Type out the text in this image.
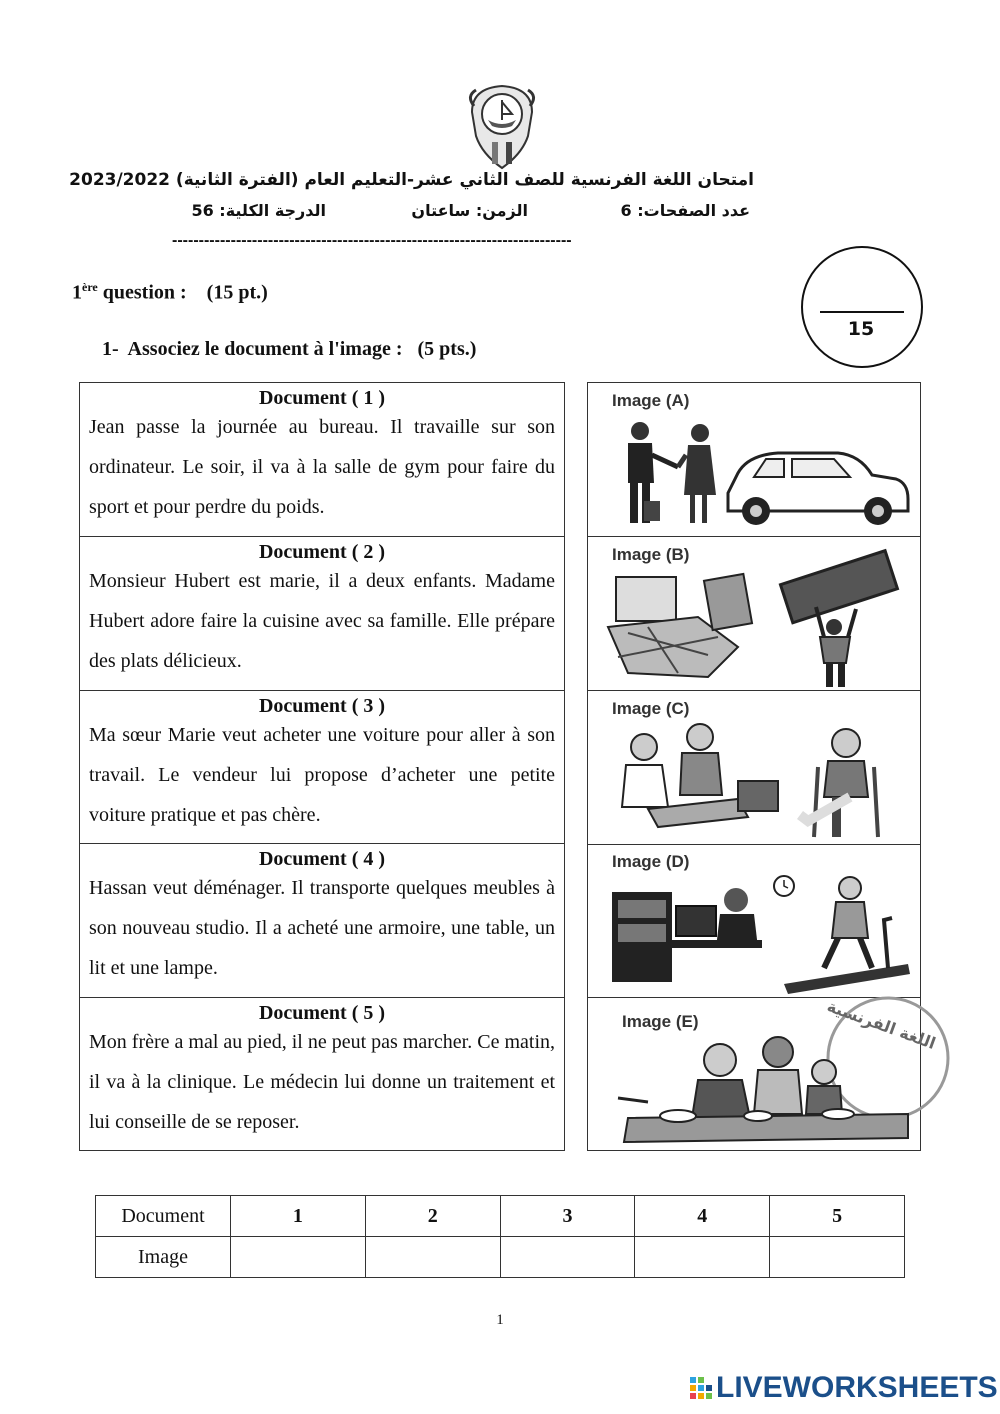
امتحان اللغة الفرنسية للصف الثاني عشر-التعليم العام (الفترة الثانية) 2023/2022
عدد الصفحات: 6
الزمن: ساعتان
الدرجة الكلية: 56
---------------------------------------------------------------------------
1ère question :    (15 pt.)
1-  Associez le document à l'image :   (5 pts.)
15
Document ( 1 )
Jean passe la journée au bureau. Il travaille sur son ordinateur. Le soir, il va à la salle de gym pour faire du sport et pour perdre du poids.
Document ( 2 )
Monsieur Hubert est marie, il a deux enfants. Madame Hubert adore faire la cuisine avec sa famille. Elle prépare des plats délicieux.
Document ( 3 )
Ma sœur Marie veut acheter une voiture pour aller à son travail. Le vendeur lui propose d’acheter une petite voiture pratique et pas chère.
Document ( 4 )
Hassan veut déménager. Il transporte quelques meubles à son nouveau studio. Il a acheté une armoire, une table, un lit et une lampe.
Document ( 5 )
Mon frère a mal au pied, il ne peut pas marcher. Ce matin, il va à la clinique. Le médecin lui donne un traitement et lui conseille de se reposer.
Image (A)
Image (B)
Image (C)
Image (D)
Image (E)	اللغة الفرنسية
Document	1	2	3	4	5
Image					
1
LIVEWORKSHEETS
